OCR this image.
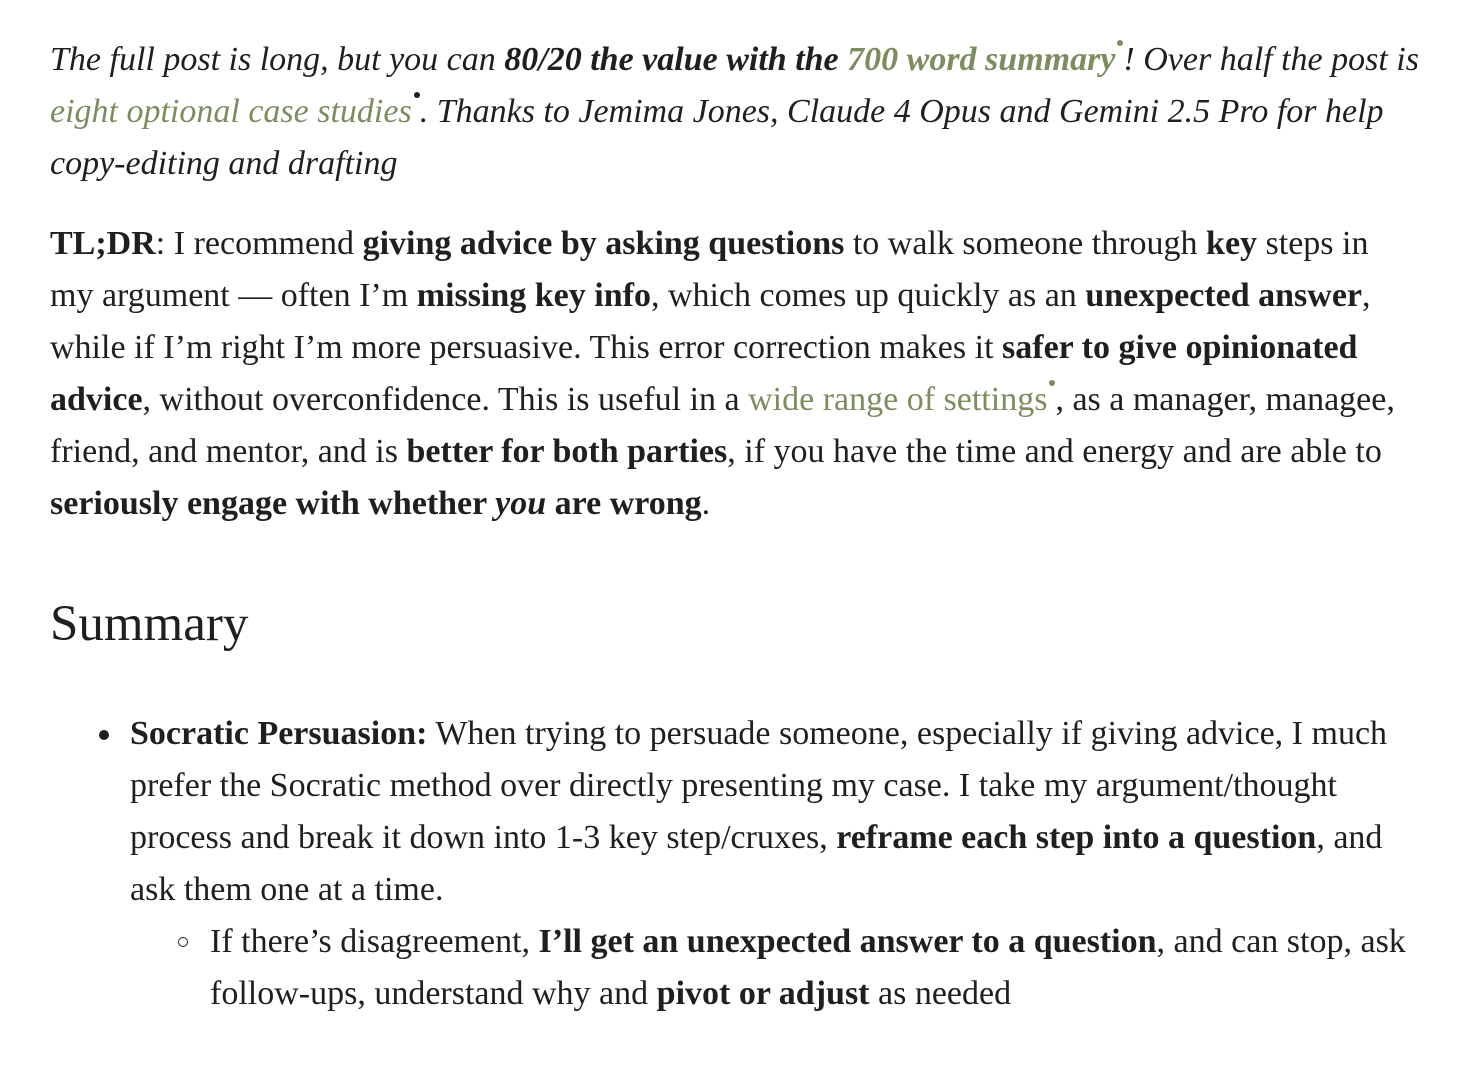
The full post is long, but you can 80/20 the value with the 700 word summary ! Over half the post is eight optional case studies . Thanks to Jemima Jones, Claude 4 Opus and Gemini 2.5 Pro for help copy-editing and drafting

TL;DR: I recommend giving advice by asking questions to walk someone through key steps in my argument — often I’m missing key info, which comes up quickly as an unexpected answer, while if I’m right I’m more persuasive. This error correction makes it safer to give opinionated advice, without overconfidence. This is useful in a wide range of settings , as a manager, managee, friend, and mentor, and is better for both parties, if you have the time and energy and are able to seriously engage with whether you are wrong.

Summary
Socratic Persuasion: When trying to persuade someone, especially if giving advice, I much prefer the Socratic method over directly presenting my case. I take my argument/thought process and break it down into 1-3 key step/cruxes, reframe each step into a question, and ask them one at a time.
If there’s disagreement, I’ll get an unexpected answer to a question, and can stop, ask follow-ups, understand why and pivot or adjust as needed
